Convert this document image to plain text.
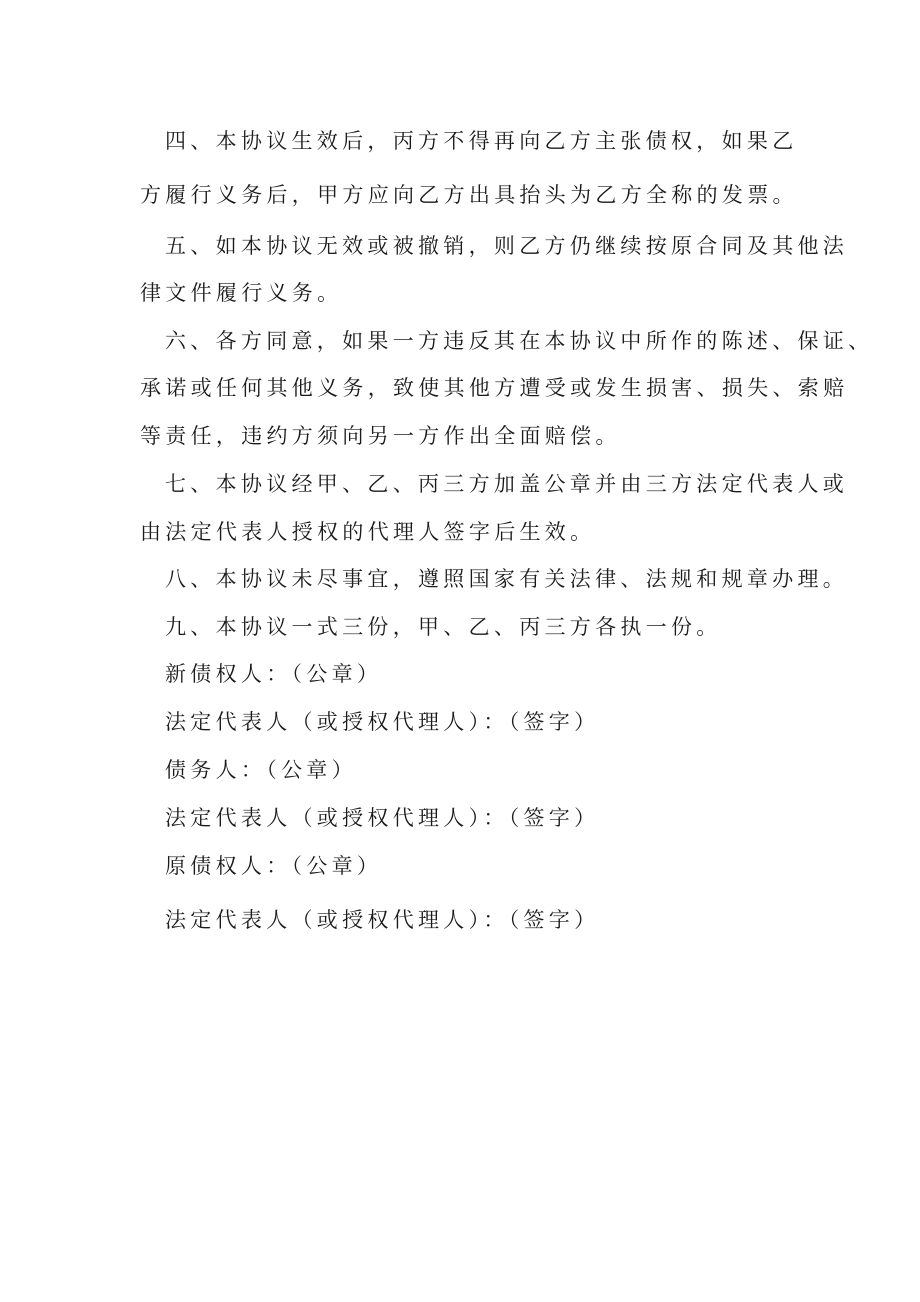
四、本协议生效后，丙方不得再向乙方主张债权，如果乙

方履行义务后，甲方应向乙方出具抬头为乙方全称的发票。

五、如本协议无效或被撤销，则乙方仍继续按原合同及其他法

律文件履行义务。

六、各方同意，如果一方违反其在本协议中所作的陈述、保证、

承诺或任何其他义务，致使其他方遭受或发生损害、损失、索赔

等责任，违约方须向另一方作出全面赔偿。

七、本协议经甲、乙、丙三方加盖公章并由三方法定代表人或

由法定代表人授权的代理人签字后生效。

八、本协议未尽事宜，遵照国家有关法律、法规和规章办理。

九、本协议一式三份，甲、乙、丙三方各执一份。

新债权人：（公章）

法定代表人（或授权代理人）：（签字）

债务人：（公章）

法定代表人（或授权代理人）：（签字）

原债权人：（公章）

法定代表人（或授权代理人）：（签字）
